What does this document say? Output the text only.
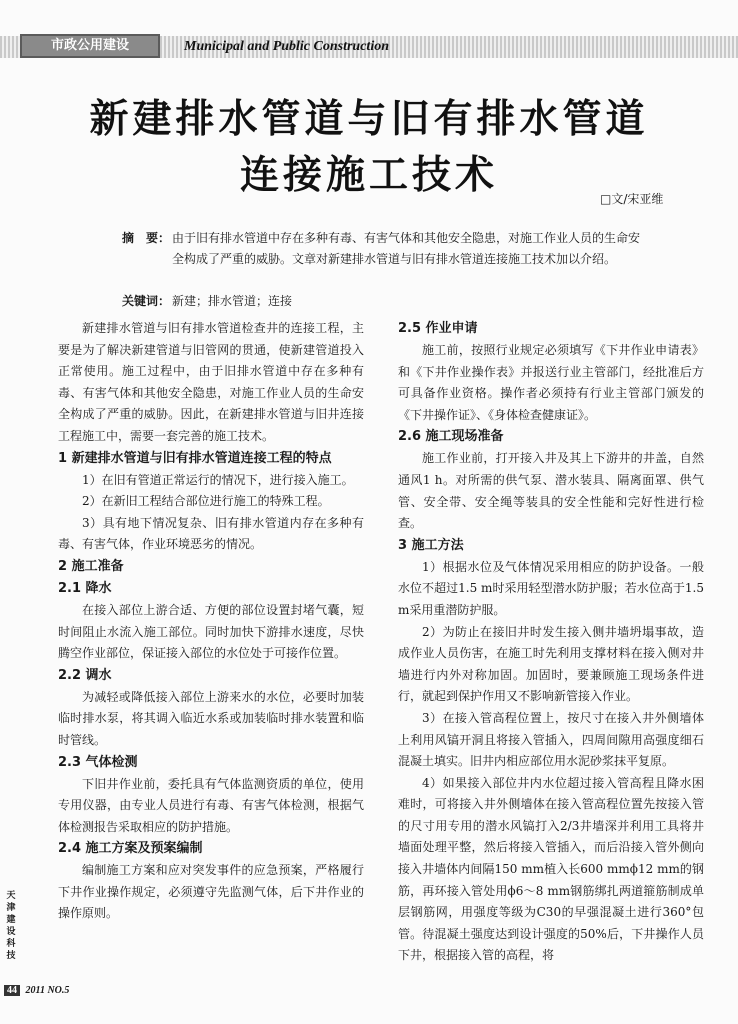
市政公用建设	Municipal and Public Construction
新建排水管道与旧有排水管道
连接施工技术
□文/宋亚维
摘　要： 由于旧有排水管道中存在多种有毒、有害气体和其他安全隐患，对施工作业人员的生命安全构成了严重的威胁。文章对新建排水管道与旧有排水管道连接施工技术加以介绍。
关键词： 新建；排水管道；连接

新建排水管道与旧有排水管道检查井的连接工程，主要是为了解决新建管道与旧管网的贯通，使新建管道投入正常使用。施工过程中，由于旧排水管道中存在多种有毒、有害气体和其他安全隐患，对施工作业人员的生命安全构成了严重的威胁。因此，在新建排水管道与旧井连接工程施工中，需要一套完善的施工技术。

1 新建排水管道与旧有排水管道连接工程的特点

1）在旧有管道正常运行的情况下，进行接入施工。

2）在新旧工程结合部位进行施工的特殊工程。

3）具有地下情况复杂、旧有排水管道内存在多种有毒、有害气体，作业环境恶劣的情况。

2 施工准备

2.1 降水

在接入部位上游合适、方便的部位设置封堵气囊，短时间阻止水流入施工部位。同时加快下游排水速度，尽快腾空作业部位，保证接入部位的水位处于可接作位置。

2.2 调水

为减轻或降低接入部位上游来水的水位，必要时加装临时排水泵，将其调入临近水系或加装临时排水装置和临时管线。

2.3 气体检测

下旧井作业前，委托具有气体监测资质的单位，使用专用仪器，由专业人员进行有毒、有害气体检测，根据气体检测报告采取相应的防护措施。

2.4 施工方案及预案编制

编制施工方案和应对突发事件的应急预案，严格履行下井作业操作规定，必须遵守先监测气体，后下井作业的操作原则。

2.5 作业申请

施工前，按照行业规定必须填写《下井作业申请表》和《下井作业操作表》并报送行业主管部门，经批准后方可具备作业资格。操作者必须持有行业主管部门颁发的《下井操作证》、《身体检查健康证》。

2.6 施工现场准备

施工作业前，打开接入井及其上下游井的井盖，自然通风1 h。对所需的供气泵、潜水装具、隔离面罩、供气管、安全带、安全绳等装具的安全性能和完好性进行检查。

3 施工方法

1）根据水位及气体情况采用相应的防护设备。一般水位不超过1.5 m时采用轻型潜水防护服；若水位高于1.5 m采用重潜防护服。

2）为防止在接旧井时发生接入侧井墙坍塌事故，造成作业人员伤害，在施工时先利用支撑材料在接入侧对井墙进行内外对称加固。加固时，要兼顾施工现场条件进行，就起到保护作用又不影响新管接入作业。

3）在接入管高程位置上，按尺寸在接入井外侧墙体上利用风镐开洞且将接入管插入，四周间隙用高强度细石混凝土填实。旧井内相应部位用水泥砂浆抹平复原。

4）如果接入部位井内水位超过接入管高程且降水困难时，可将接入井外侧墙体在接入管高程位置先按接入管的尺寸用专用的潜水风镐打入2/3井墙深并利用工具将井墙面处理平整，然后将接入管插入，而后沿接入管外侧向接入井墙体内间隔150 mm植入长600 mmϕ12 mm的钢筋，再环接入管处用ϕ6～8 mm钢筋绑扎两道箍筋制成单层钢筋网，用强度等级为C30的早强混凝土进行360°包管。待混凝土强度达到设计强度的50%后，下井操作人员下井，根据接入管的高程，将

天
津
建
设
科
技
44 2011 NO.5
